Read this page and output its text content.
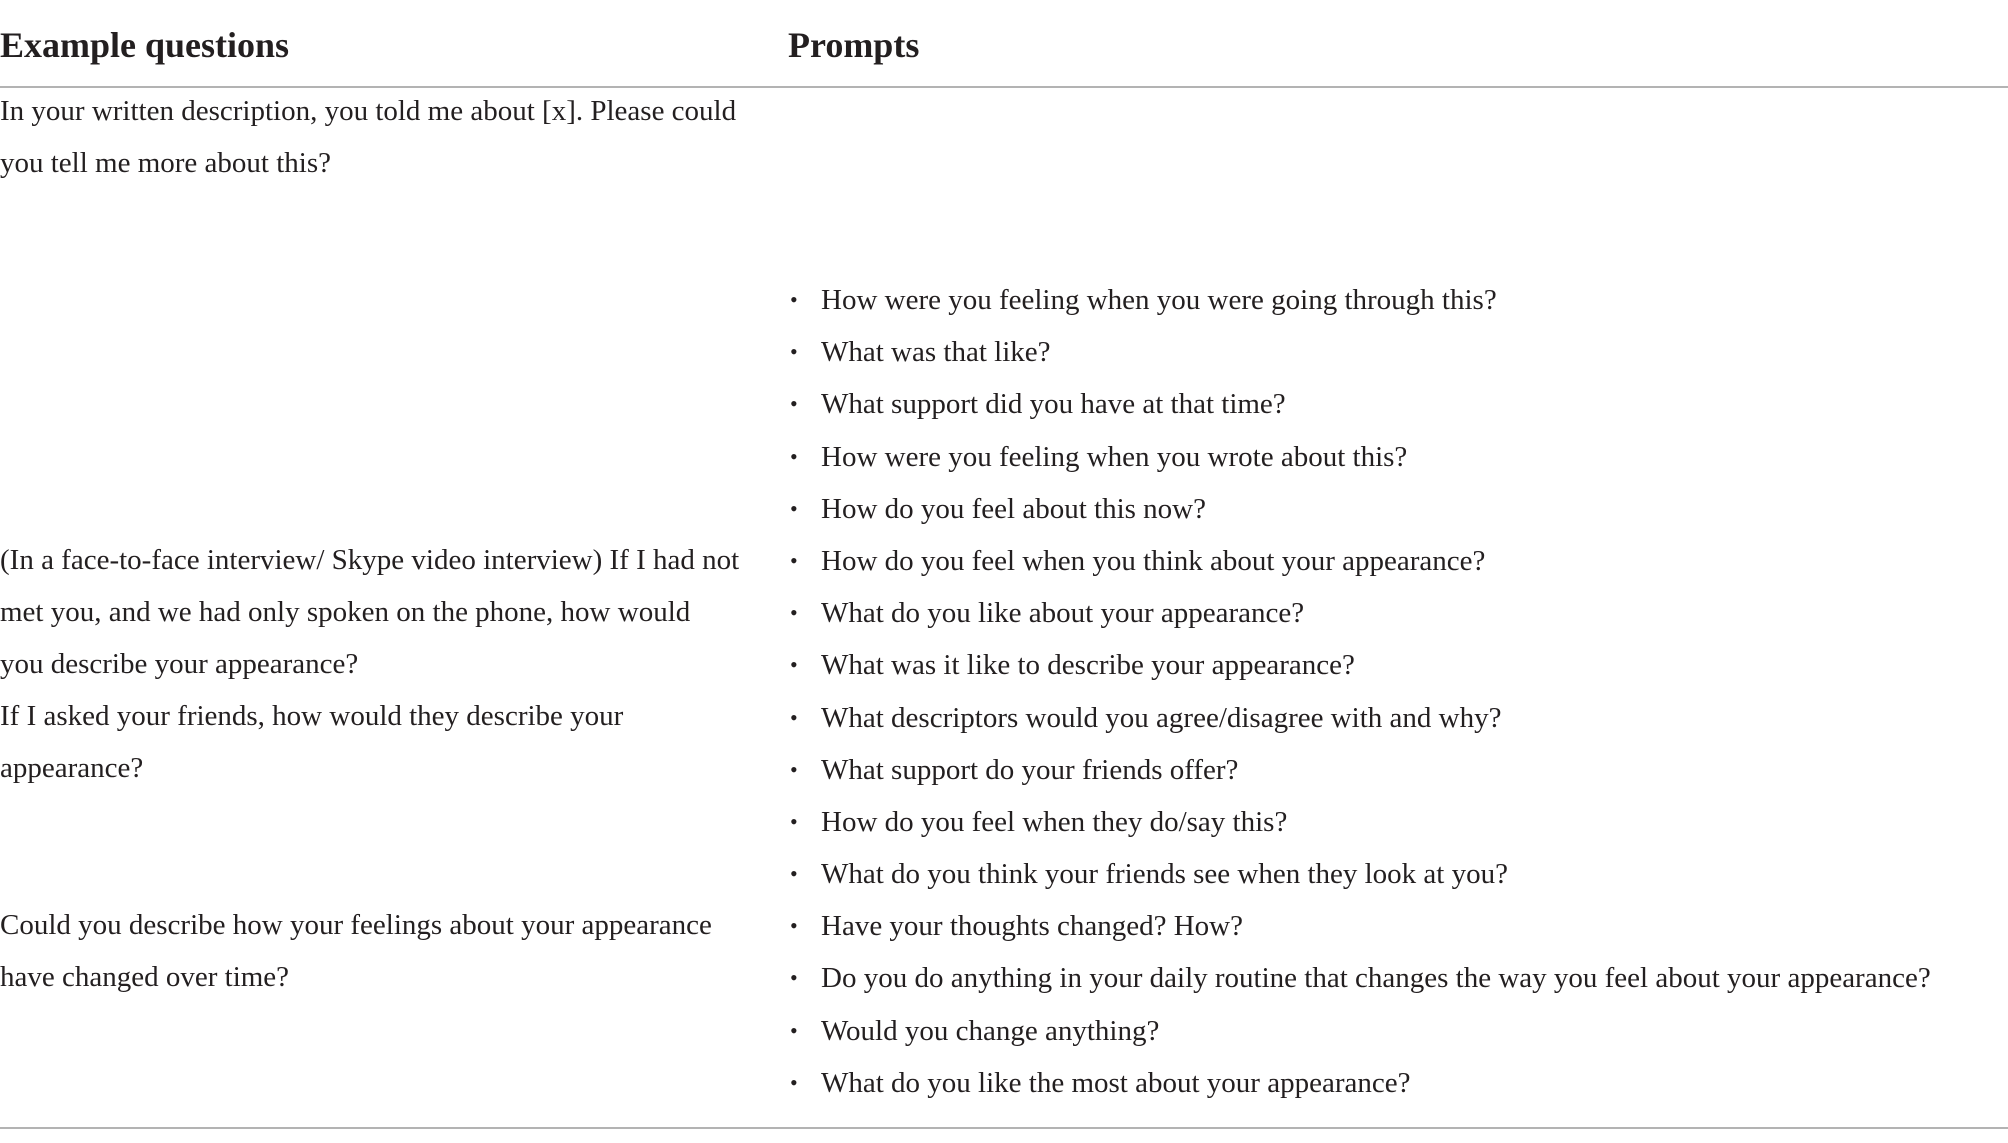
Example questions	Prompts
In your written description, you told me about [x]. Please could
you tell me more about this?
(In a face-to-face interview/ Skype video interview) If I had not
met you, and we had only spoken on the phone, how would
you describe your appearance?
If I asked your friends, how would they describe your
appearance?
Could you describe how your feelings about your appearance
have changed over time?
• How were you feeling when you were going through this?
• What was that like?
• What support did you have at that time?
• How were you feeling when you wrote about this?
• How do you feel about this now?
• How do you feel when you think about your appearance?
• What do you like about your appearance?
• What was it like to describe your appearance?
• What descriptors would you agree/disagree with and why?
• What support do your friends offer?
• How do you feel when they do/say this?
• What do you think your friends see when they look at you?
• Have your thoughts changed? How?
• Do you do anything in your daily routine that changes the way you feel about your appearance?
• Would you change anything?
• What do you like the most about your appearance?
